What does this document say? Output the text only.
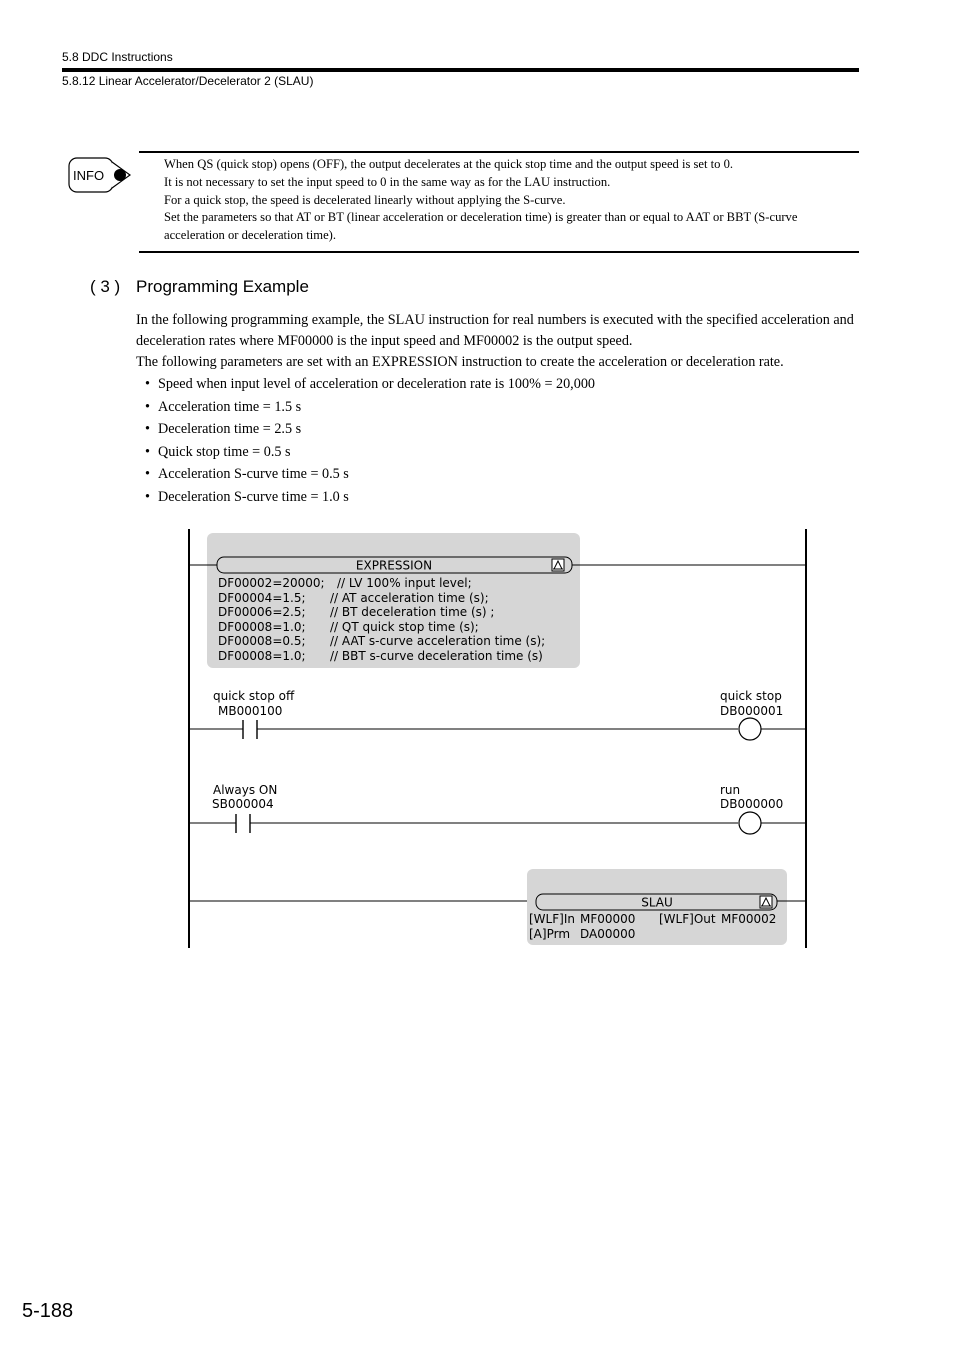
5.8 DDC Instructions
5.8.12 Linear Accelerator/Decelerator 2 (SLAU)
INFO
When QS (quick stop) opens (OFF), the output decelerates at the quick stop time and the output speed is set to 0.
It is not necessary to set the input speed to 0 in the same way as for the LAU instruction.
For a quick stop, the speed is decelerated linearly without applying the S-curve.
Set the parameters so that AT or BT (linear acceleration or deceleration time) is greater than or equal to AAT or BBT (S-curve acceleration or deceleration time).
( 3 ) Programming Example

In the following programming example, the SLAU instruction for real numbers is executed with the specified acceleration and deceleration rates where MF00000 is the input speed and MF00002 is the output speed.

The following parameters are set with an EXPRESSION instruction to create the acceleration or deceleration rate.

• Speed when input level of acceleration or deceleration rate is 100% = 20,000
• Acceleration time = 1.5 s
• Deceleration time = 2.5 s
• Quick stop time = 0.5 s
• Acceleration S-curve time = 0.5 s
• Deceleration S-curve time = 1.0 s
EXPRESSION
DF00002=20000; // LV 100% input level;
DF00004=1.5; // AT acceleration time (s);
DF00006=2.5; // BT deceleration time (s) ;
DF00008=1.0; // QT quick stop time (s);
DF00008=0.5; // AAT s-curve acceleration time (s);
DF00008=1.0; // BBT s-curve deceleration time (s)
quick stop off
MB000100
quick stop
DB000001
Always ON
SB000004
run
DB000000
SLAU
[WLF]In MF00000 [WLF]Out MF00002
[A]Prm DA00000
5-188
